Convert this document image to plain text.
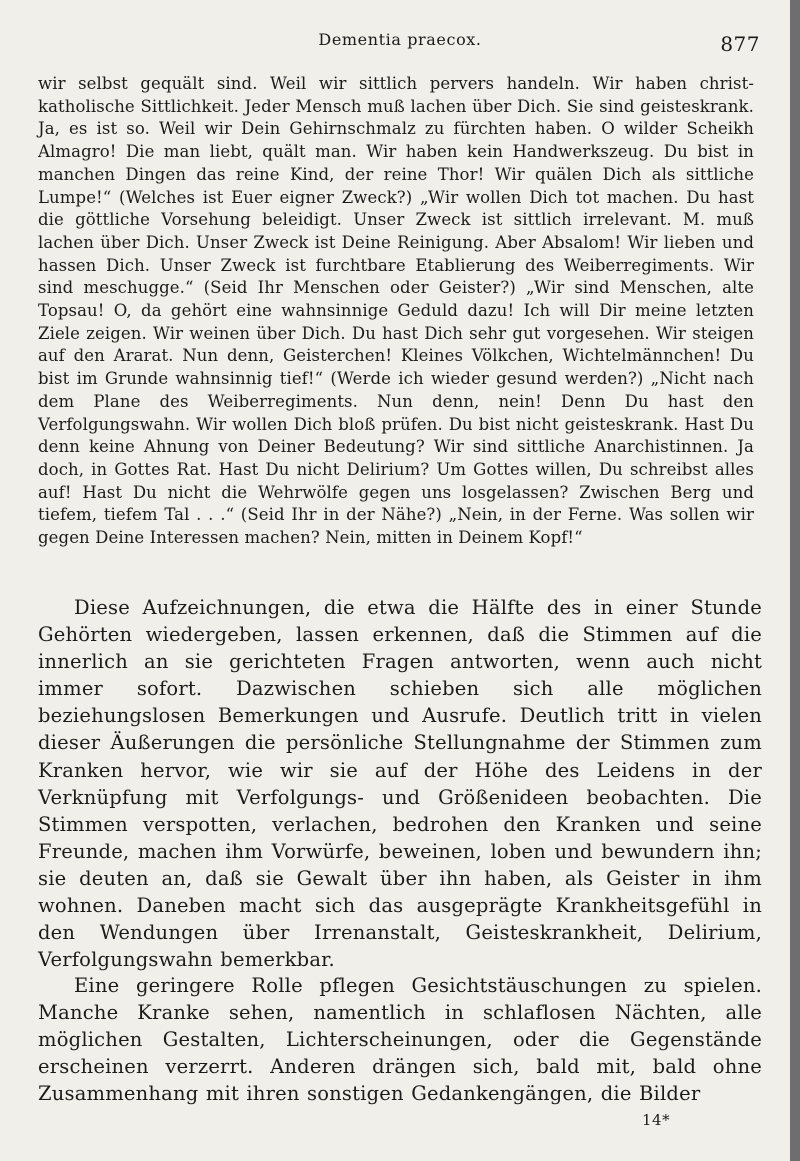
Dementia praecox.	877
wir selbst gequält sind. Weil wir sittlich pervers handeln. Wir haben christ-katholische Sittlichkeit. Jeder Mensch muß lachen über Dich. Sie sind geisteskrank. Ja, es ist so. Weil wir Dein Gehirnschmalz zu fürchten haben. O wilder Scheikh Almagro! Die man liebt, quält man. Wir haben kein Handwerkszeug. Du bist in manchen Dingen das reine Kind, der reine Thor! Wir quälen Dich als sittliche Lumpe!“ (Welches ist Euer eigner Zweck?) „Wir wollen Dich tot machen. Du hast die göttliche Vorsehung beleidigt. Unser Zweck ist sittlich irrelevant. M. muß lachen über Dich. Unser Zweck ist Deine Reinigung. Aber Absalom! Wir lieben und hassen Dich. Unser Zweck ist furchtbare Etablierung des Weiberregiments. Wir sind meschugge.“ (Seid Ihr Menschen oder Geister?) „Wir sind Menschen, alte Topsau! O, da gehört eine wahnsinnige Geduld dazu! Ich will Dir meine letzten Ziele zeigen. Wir weinen über Dich. Du hast Dich sehr gut vorgesehen. Wir steigen auf den Ararat. Nun denn, Geisterchen! Kleines Völkchen, Wichtelmännchen! Du bist im Grunde wahnsinnig tief!“ (Werde ich wieder gesund werden?) „Nicht nach dem Plane des Weiberregiments. Nun denn, nein! Denn Du hast den Verfolgungswahn. Wir wollen Dich bloß prüfen. Du bist nicht geisteskrank. Hast Du denn keine Ahnung von Deiner Bedeutung? Wir sind sittliche Anarchistinnen. Ja doch, in Gottes Rat. Hast Du nicht Delirium? Um Gottes willen, Du schreibst alles auf! Hast Du nicht die Wehrwölfe gegen uns losgelassen? Zwischen Berg und tiefem, tiefem Tal . . .“ (Seid Ihr in der Nähe?) „Nein, in der Ferne. Was sollen wir gegen Deine Interessen machen? Nein, mitten in Deinem Kopf!“
Diese Aufzeichnungen, die etwa die Hälfte des in einer Stunde Gehörten wiedergeben, lassen erkennen, daß die Stimmen auf die innerlich an sie gerichteten Fragen antworten, wenn auch nicht immer sofort. Dazwischen schieben sich alle möglichen beziehungslosen Bemerkungen und Ausrufe. Deutlich tritt in vielen dieser Äußerungen die persönliche Stellungnahme der Stimmen zum Kranken hervor, wie wir sie auf der Höhe des Leidens in der Verknüpfung mit Verfolgungs- und Größenideen beobachten. Die Stimmen verspotten, verlachen, bedrohen den Kranken und seine Freunde, machen ihm Vorwürfe, beweinen, loben und bewundern ihn; sie deuten an, daß sie Gewalt über ihn haben, als Geister in ihm wohnen. Daneben macht sich das ausgeprägte Krankheitsgefühl in den Wendungen über Irrenanstalt, Geisteskrankheit, Delirium, Verfolgungswahn bemerkbar.
Eine geringere Rolle pflegen Gesichtstäuschungen zu spielen. Manche Kranke sehen, namentlich in schlaflosen Nächten, alle möglichen Gestalten, Lichterscheinungen, oder die Gegenstände erscheinen verzerrt. Anderen drängen sich, bald mit, bald ohne Zusammenhang mit ihren sonstigen Gedankengängen, die Bilder
14*
